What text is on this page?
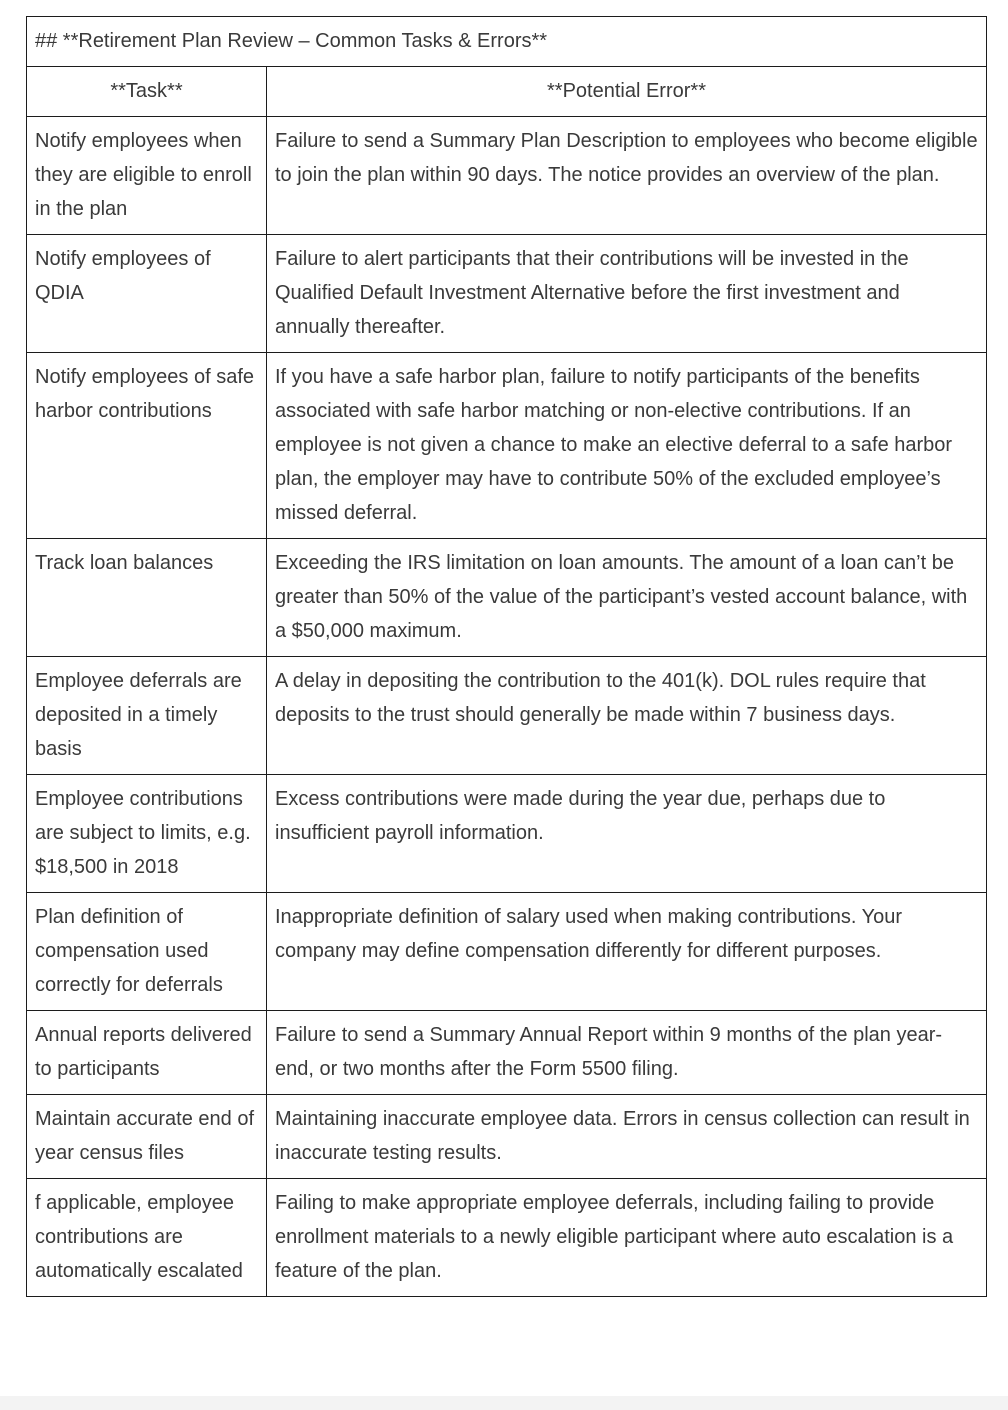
## **Retirement Plan Review – Common Tasks & Errors**	
**Task**	**Potential Error**
Notify employees when they are eligible to enroll in the plan	Failure to send a Summary Plan Description to employees who become eligible to join the plan within 90 days. The notice provides an overview of the plan.
Notify employees of QDIA	Failure to alert participants that their contributions will be invested in the Qualified Default Investment Alternative before the first investment and annually thereafter.
Notify employees of safe harbor contributions	If you have a safe harbor plan, failure to notify participants of the benefits associated with safe harbor matching or non-elective contributions. If an employee is not given a chance to make an elective deferral to a safe harbor plan, the employer may have to contribute 50% of the excluded employee’s missed deferral.
Track loan balances	Exceeding the IRS limitation on loan amounts. The amount of a loan can’t be greater than 50% of the value of the participant’s vested account balance, with a $50,000 maximum.
Employee deferrals are deposited in a timely basis	A delay in depositing the contribution to the 401(k). DOL rules require that deposits to the trust should generally be made within 7 business days.
Employee contributions are subject to limits, e.g. $18,500 in 2018	Excess contributions were made during the year due, perhaps due to insufficient payroll information.
Plan definition of compensation used correctly for deferrals	Inappropriate definition of salary used when making contributions. Your company may define compensation differently for different purposes.
Annual reports delivered to participants	Failure to send a Summary Annual Report within 9 months of the plan year-end, or two months after the Form 5500 filing.
Maintain accurate end of year census files	Maintaining inaccurate employee data. Errors in census collection can result in inaccurate testing results.
f applicable, employee contributions are automatically escalated	Failing to make appropriate employee deferrals, including failing to provide enrollment materials to a newly eligible participant where auto escalation is a feature of the plan.
